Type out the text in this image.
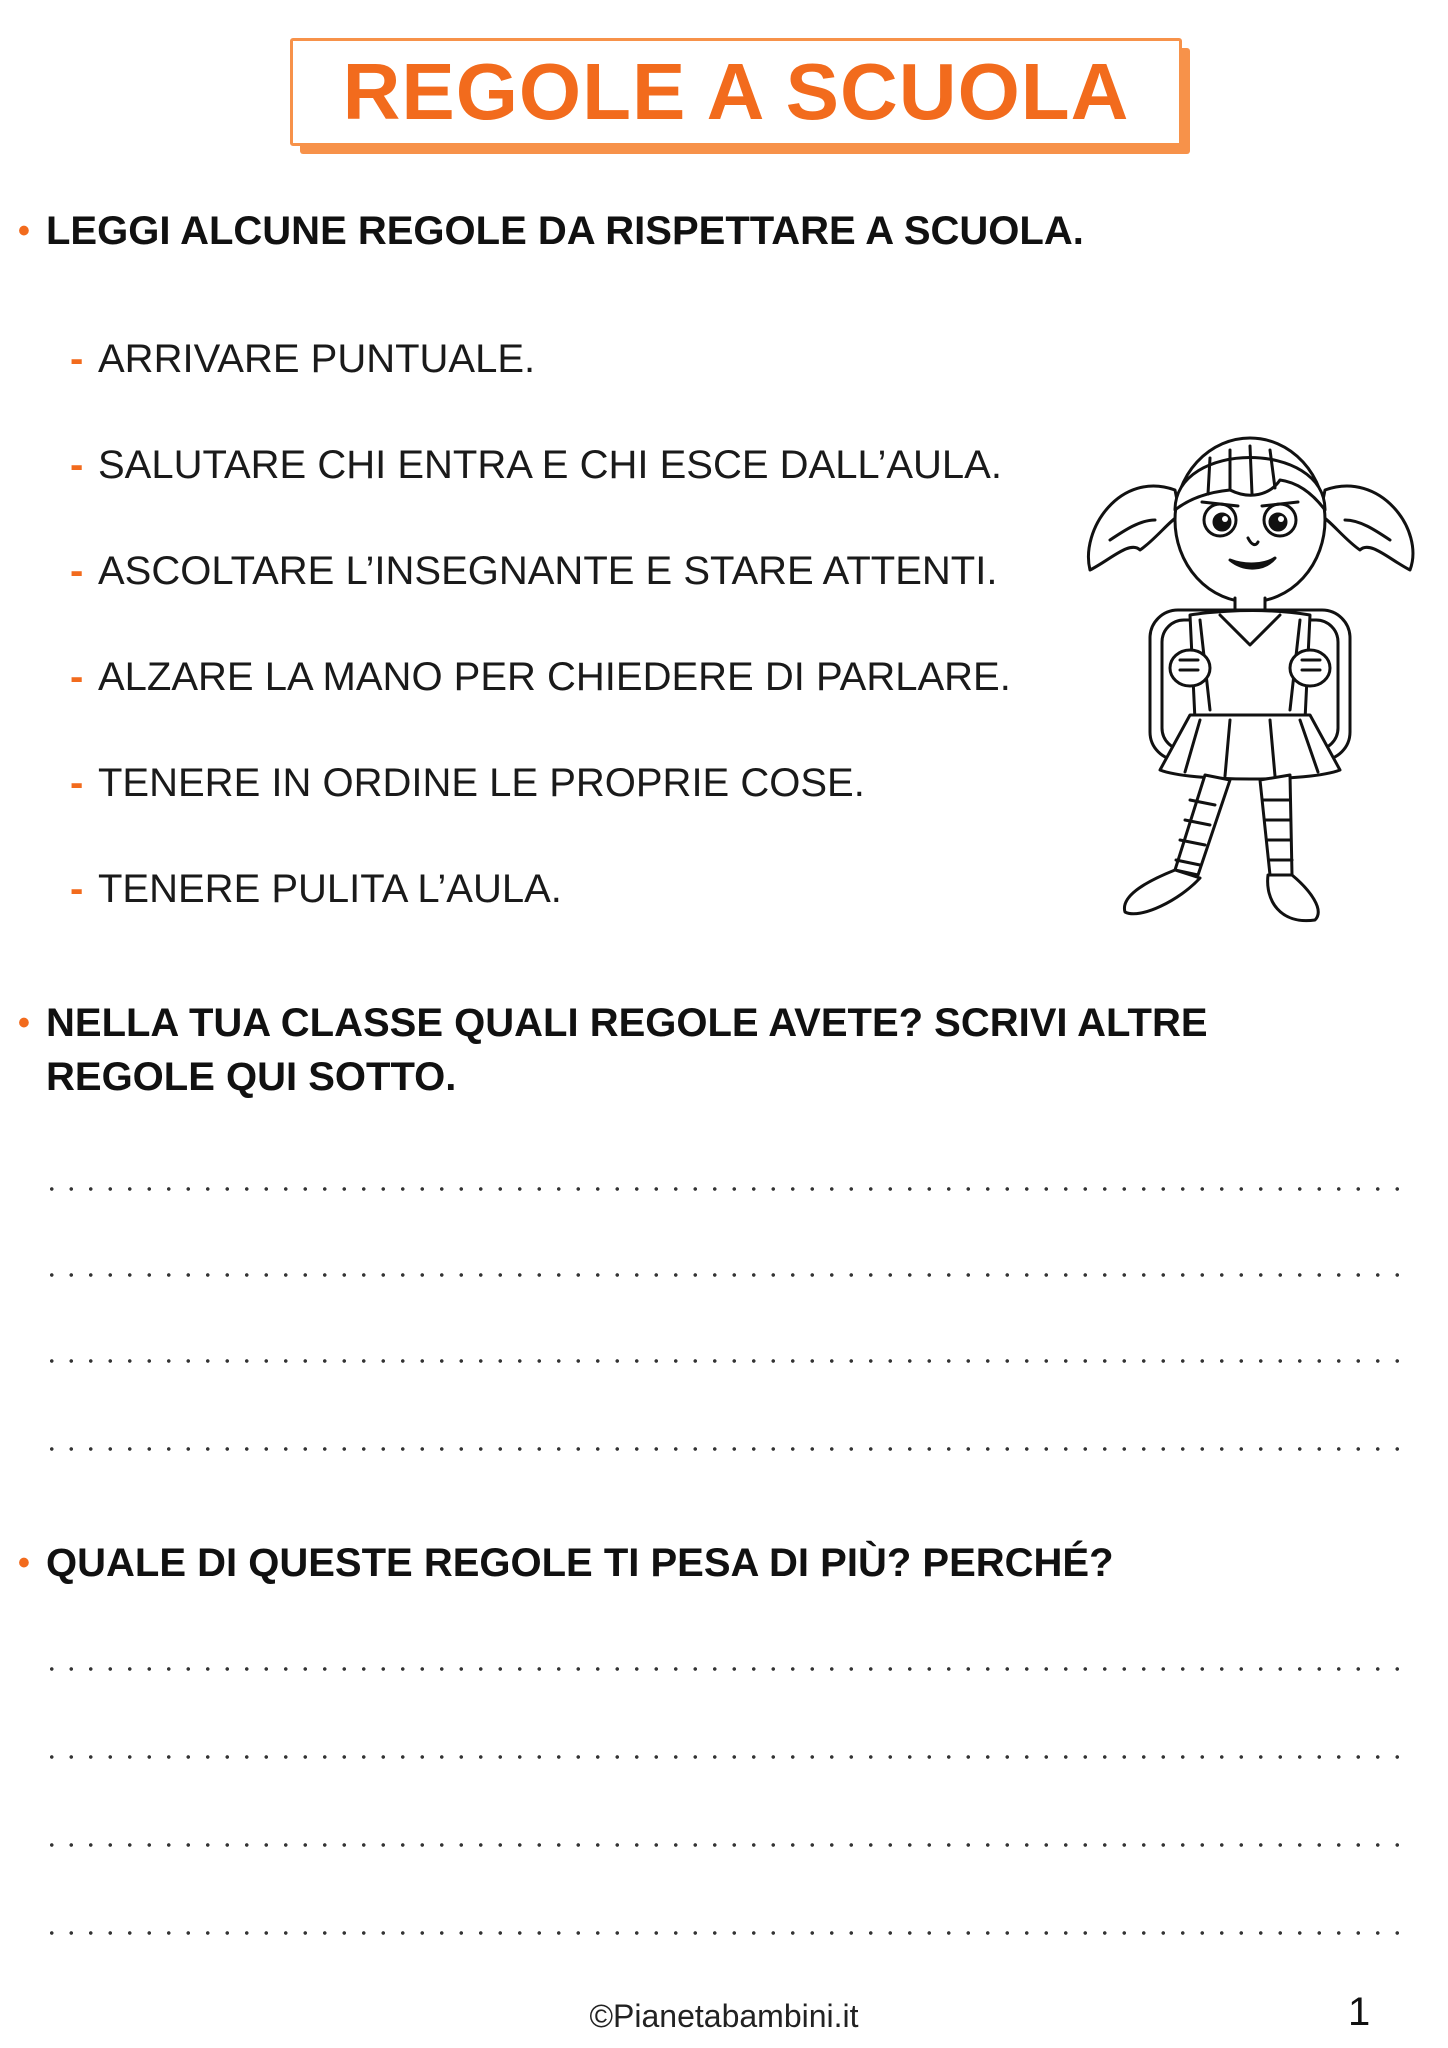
REGOLE A SCUOLA
• LEGGI ALCUNE REGOLE DA RISPETTARE A SCUOLA.
- ARRIVARE PUNTUALE.
- SALUTARE CHI ENTRA E CHI ESCE DALL’AULA.
- ASCOLTARE L’INSEGNANTE E STARE ATTENTI.
- ALZARE LA MANO PER CHIEDERE DI PARLARE.
- TENERE IN ORDINE LE PROPRIE COSE.
- TENERE PULITA L’AULA.
• NELLA TUA CLASSE QUALI REGOLE AVETE? SCRIVI ALTRE
REGOLE QUI SOTTO.
• QUALE DI QUESTE REGOLE TI PESA DI PIÙ? PERCHÉ?
©Pianetabambini.it	1
